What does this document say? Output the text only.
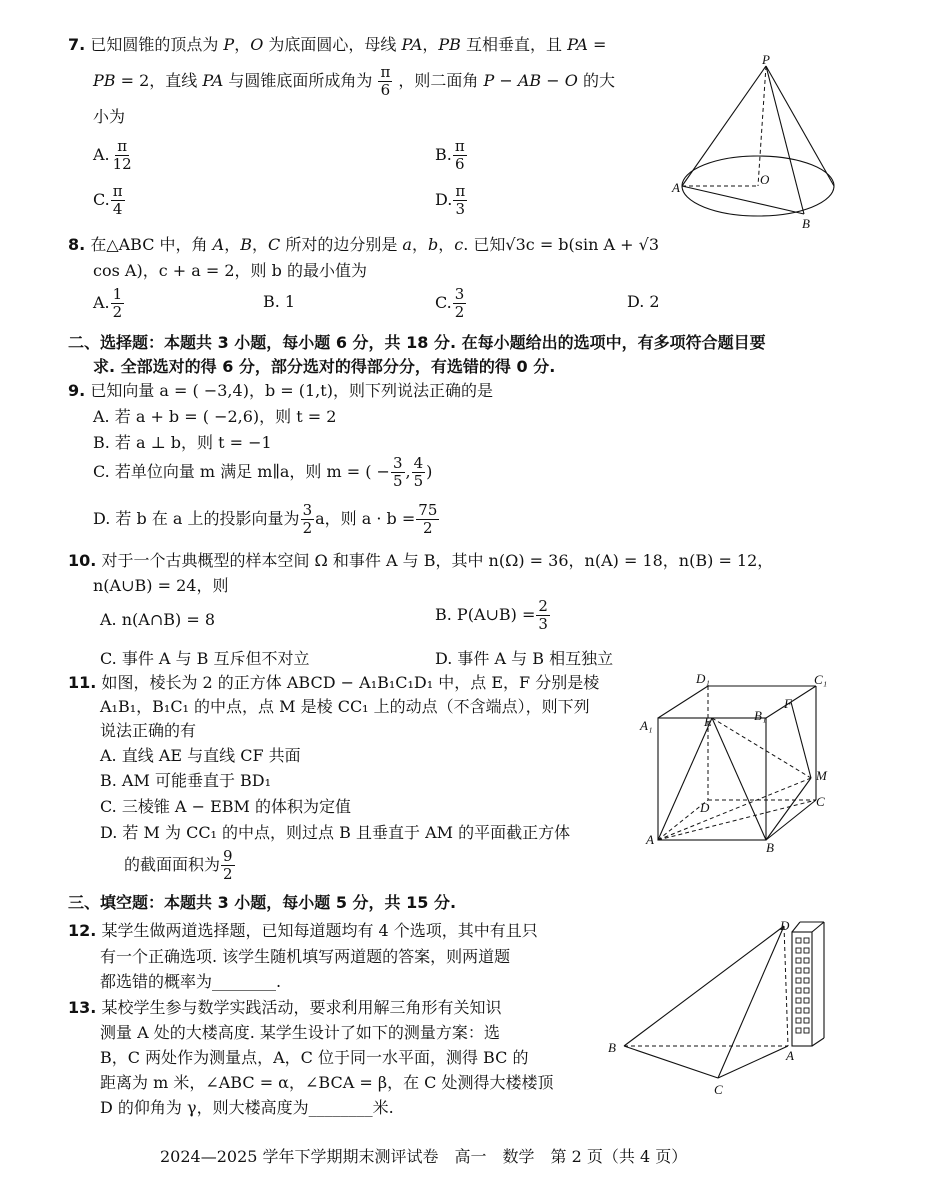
7. 已知圆锥的顶点为 P，O 为底面圆心，母线 PA，PB 互相垂直，且 PA =
PB = 2，直线 PA 与圆锥底面所成角为 $\frac{\pi}{6}$ ，则二面角 P − AB − O 的大
小为
A. $\frac{\pi}{12}$	B. $\frac{\pi}{6}$
C. $\frac{\pi}{4}$	D. $\frac{\pi}{3}$
P
O
A
B
8. 在△ABC 中，角 A，B，C 所对的边分别是 a，b，c. 已知√3c = b(sin A + √3
cos A)，c + a = 2，则 b 的最小值为
A. $\frac{1}{2}$	B. 1	C. $\frac{3}{2}$	D. 2
二、选择题：本题共 3 小题，每小题 6 分，共 18 分. 在每小题给出的选项中，有多项符合题目要
求. 全部选对的得 6 分，部分选对的得部分分，有选错的得 0 分.
9. 已知向量 a = ( −3,4)，b = (1,t)，则下列说法正确的是
A. 若 a + b = ( −2,6)，则 t = 2
B. 若 a ⊥ b，则 t = −1
C. 若单位向量 m 满足 m∥a，则 m = ( − $\frac{3}{5}$ , $\frac{4}{5}$ )
D. 若 b 在 a 上的投影向量为 $\frac{3}{2}$ a，则 $a \cdot b = \frac{75}{2}$
10. 对于一个古典概型的样本空间 Ω 和事件 A 与 B，其中 n(Ω) = 36，n(A) = 18，n(B) = 12，
n(A∪B) = 24，则
A. n(A∩B) = 8	B. P(A∪B) = $\frac{2}{3}$
C. 事件 A 与 B 互斥但不对立	D. 事件 A 与 B 相互独立
11. 如图，棱长为 2 的正方体 ABCD − A₁B₁C₁D₁ 中，点 E，F 分别是棱
A₁B₁，B₁C₁ 的中点，点 M 是棱 CC₁ 上的动点（不含端点），则下列
说法正确的有
A. 直线 AE 与直线 CF 共面
B. AM 可能垂直于 BD₁
C. 三棱锥 A − EBM 的体积为定值
D. 若 M 为 CC₁ 的中点，则过点 B 且垂直于 AM 的平面截正方体
的截面面积为 $\frac{9}{2}$
D₁	C₁
A₁
B₁
E
F
M
D	C
A
B
三、填空题：本题共 3 小题，每小题 5 分，共 15 分.
12. 某学生做两道选择题，已知每道题均有 4 个选项，其中有且只
有一个正确选项. 该学生随机填写两道题的答案，则两道题
都选错的概率为________.
13. 某校学生参与数学实践活动，要求利用解三角形有关知识
测量 A 处的大楼高度. 某学生设计了如下的测量方案：选
B，C 两处作为测量点，A，C 位于同一水平面，测得 BC 的
距离为 m 米，∠ABC = α，∠BCA = β，在 C 处测得大楼楼顶
D 的仰角为 γ，则大楼高度为________米.
D
B
A
C
2024—2025 学年下学期期末测评试卷　高一　数学　第 2 页（共 4 页）
